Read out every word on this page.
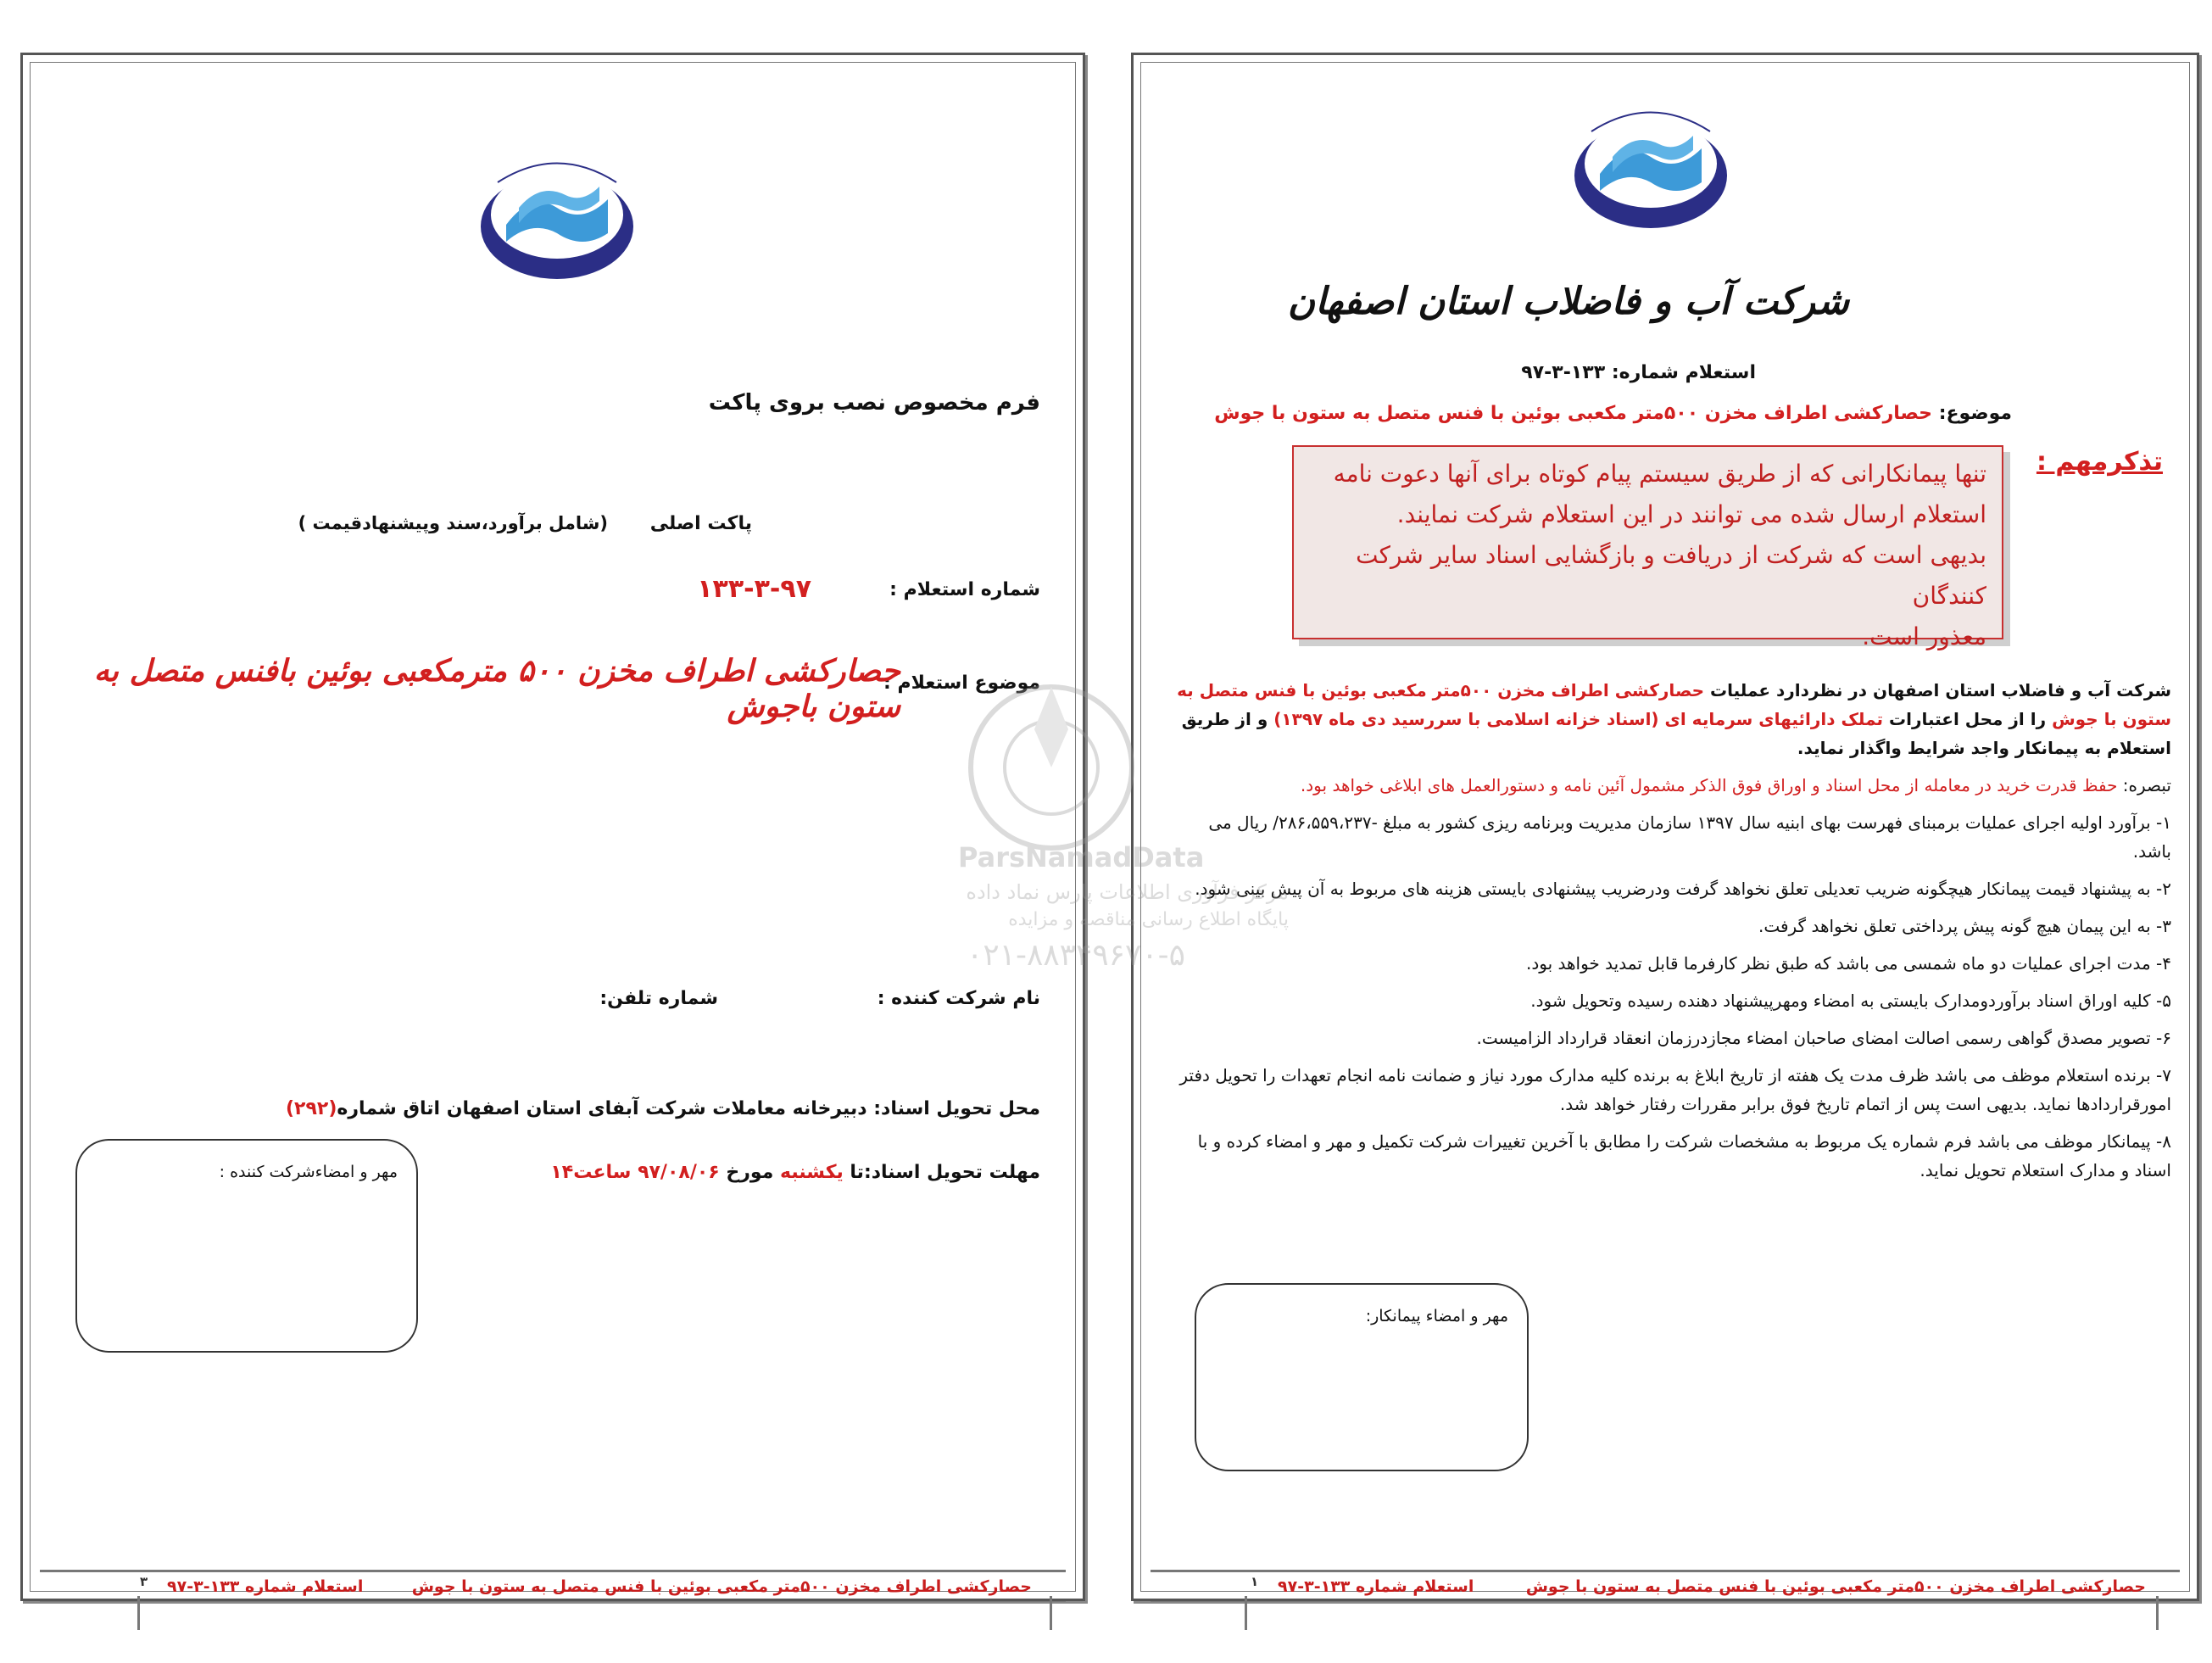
فرم مخصوص نصب بروی پاکت
پاکت اصلی
(شامل برآورد،سند وپیشنهادقیمت )
شماره استعلام :
۱۳۳-۳-۹۷
موضوع استعلام :
حصارکشی اطراف مخزن ۵۰۰ مترمکعبی بوئین بافنس متصل به ستون باجوش
نام شرکت کننده :
شماره تلفن:
محل تحویل اسناد: دبیرخانه معاملات شرکت آبفای استان اصفهان اتاق شماره(۲۹۲)
مهلت تحویل اسناد:تا یکشنبه مورخ ۹۷/۰۸/۰۶ ساعت۱۴
مهر و امضاءشرکت کننده :
حصارکشی اطراف مخزن ۵۰۰متر مکعبی بوئین با فنس متصل به ستون با جوش
استعلام شماره ۱۳۳-۳-۹۷
۳
شرکت آب و فاضلاب استان اصفهان
استعلام شماره: ۱۳۳-۳-۹۷
موضوع: حصارکشی اطراف مخزن ۵۰۰متر مکعبی بوئین با فنس متصل به ستون با جوش
تذکرمهم :

تنها پیمانکارانی که از طریق سیستم پیام کوتاه برای آنها دعوت نامه

استعلام ارسال شده می توانند در این استعلام شرکت نمایند.

بدیهی است که شرکت از دریافت و بازگشایی اسناد سایر شرکت کنندگان

معذور است.

شرکت آب و فاضلاب استان اصفهان در نظردارد عملیات حصارکشی اطراف مخزن ۵۰۰متر مکعبی بوئین با فنس متصل به ستون با جوش را از محل اعتبارات تملک دارائیهای سرمایه ای (اسناد خزانه اسلامی با سررسید دی ماه ۱۳۹۷) و از طریق استعلام به پیمانکار واجد شرایط واگذار نماید.

تبصره: حفظ قدرت خرید در معامله از محل اسناد و اوراق فوق الذکر مشمول آئین نامه و دستورالعمل های ابلاغی خواهد بود.

۱- برآورد اولیه اجرای عملیات برمبنای فهرست بهای ابنیه سال ۱۳۹۷ سازمان مدیریت وبرنامه ریزی کشور به مبلغ -۲۸۶،۵۵۹،۲۳۷/ ریال می باشد.

۲- به پیشنهاد قیمت پیمانکار هیچگونه ضریب تعدیلی تعلق نخواهد گرفت ودرضریب پیشنهادی بایستی هزینه های مربوط به آن پیش بینی شود.

۳- به این پیمان هیچ گونه پیش پرداختی تعلق نخواهد گرفت.

۴- مدت اجرای عملیات دو ماه شمسی می باشد که طبق نظر کارفرما قابل تمدید خواهد بود.

۵- کلیه اوراق اسناد برآوردومدارک بایستی به امضاء ومهرپیشنهاد دهنده رسیده وتحویل شود.

۶- تصویر مصدق گواهی رسمی اصالت امضای صاحبان امضاء مجازدرزمان انعقاد قرارداد الزامیست.

۷- برنده استعلام موظف می باشد ظرف مدت یک هفته از تاریخ ابلاغ به برنده کلیه مدارک مورد نیاز و ضمانت نامه انجام تعهدات را تحویل دفتر امورقراردادها نماید. بدیهی است پس از اتمام تاریخ فوق برابر مقررات رفتار خواهد شد.

۸- پیمانکار موظف می باشد فرم شماره یک مربوط به مشخصات شرکت را مطابق با آخرین تغییرات شرکت تکمیل و مهر و امضاء کرده و با اسناد و مدارک استعلام تحویل نماید.

مهر و امضاء پیمانکار:
حصارکشی اطراف مخزن ۵۰۰متر مکعبی بوئین با فنس متصل به ستون با جوش
استعلام شماره ۱۳۳-۳-۹۷
۱
ParsNamadData
مرکز فرآوری اطلاعات پارس نماد داده
پایگاه اطلاع رسانی مناقصه و مزایده
۰۲۱-۸۸۳۴۹۶۷۰-۵
